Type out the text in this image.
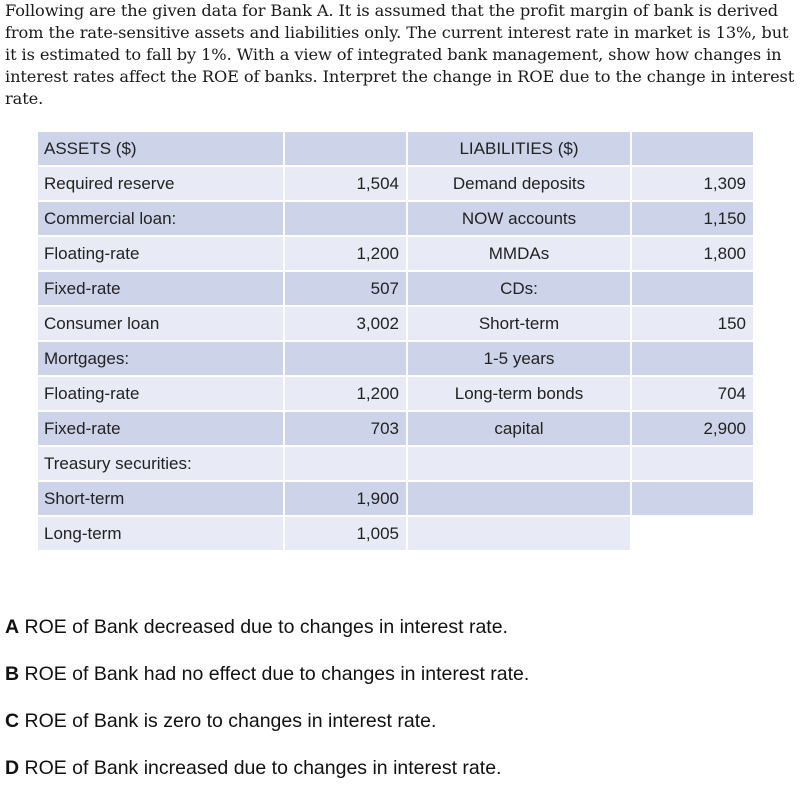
Following are the given data for Bank A. It is assumed that the profit margin of bank is derived from the rate-sensitive assets and liabilities only. The current interest rate in market is 13%, but it is estimated to fall by 1%. With a view of integrated bank management, show how changes in interest rates affect the ROE of banks. Interpret the change in ROE due to the change in interest rate.
ASSETS ($)		LIABILITIES ($)	
Required reserve	1,504	Demand deposits	1,309
Commercial loan:		NOW accounts	1,150
Floating-rate	1,200	MMDAs	1,800
Fixed-rate	507	CDs:	
Consumer loan	3,002	Short-term	150
Mortgages:		1-5 years	
Floating-rate	1,200	Long-term bonds	704
Fixed-rate	703	capital	2,900
Treasury securities:			
Short-term	1,900		
Long-term	1,005		
A ROE of Bank decreased due to changes in interest rate.
B ROE of Bank had no effect due to changes in interest rate.
C ROE of Bank is zero to changes in interest rate.
D ROE of Bank increased due to changes in interest rate.
